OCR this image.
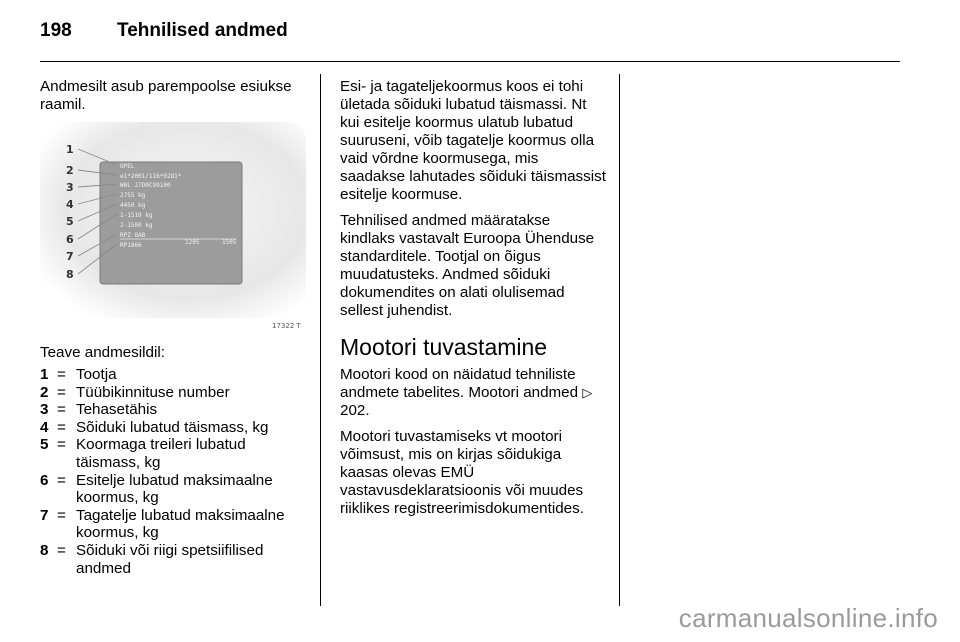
198 Tehnilised andmed

Andmesilt asub parempoolse esiukse raamil.

1
2
3
4
5
6
7
8
OPEL
e1*2001/116*0281*
W0L J7D0C99100
2755 kg
4450 kg
1-1510 kg
2-1500 kg
RPZ 8AB
RP1866	1205	1505
17322 T
Teave andmesildil:
1 = Tootja
2 = Tüübikinnituse number
3 = Tehasetähis
4 = Sõiduki lubatud täismass, kg
5 = Koormaga treileri lubatud täismass, kg
6 = Esitelje lubatud maksimaalne koormus, kg
7 = Tagatelje lubatud maksimaalne koormus, kg
8 = Sõiduki või riigi spetsiifilised andmed

Esi- ja tagateljekoormus koos ei tohi ületada sõiduki lubatud täismassi. Nt kui esitelje koormus ulatub lubatud suuruseni, võib tagatelje koormus olla vaid võrdne koormusega, mis saadakse lahutades sõiduki täismassist esitelje koormuse.

Tehnilised andmed määratakse kindlaks vastavalt Euroopa Ühenduse standarditele. Tootjal on õigus muudatusteks. Andmed sõiduki dokumendites on alati olulisemad sellest juhendist.

Mootori tuvastamine

Mootori kood on näidatud tehniliste andmete tabelites. Mootori andmed ▷ 202.

Mootori tuvastamiseks vt mootori võimsust, mis on kirjas sõidukiga kaasas olevas EMÜ vastavusdeklaratsioonis või muudes riiklikes registreerimisdokumentides.

carmanualsonline.info
